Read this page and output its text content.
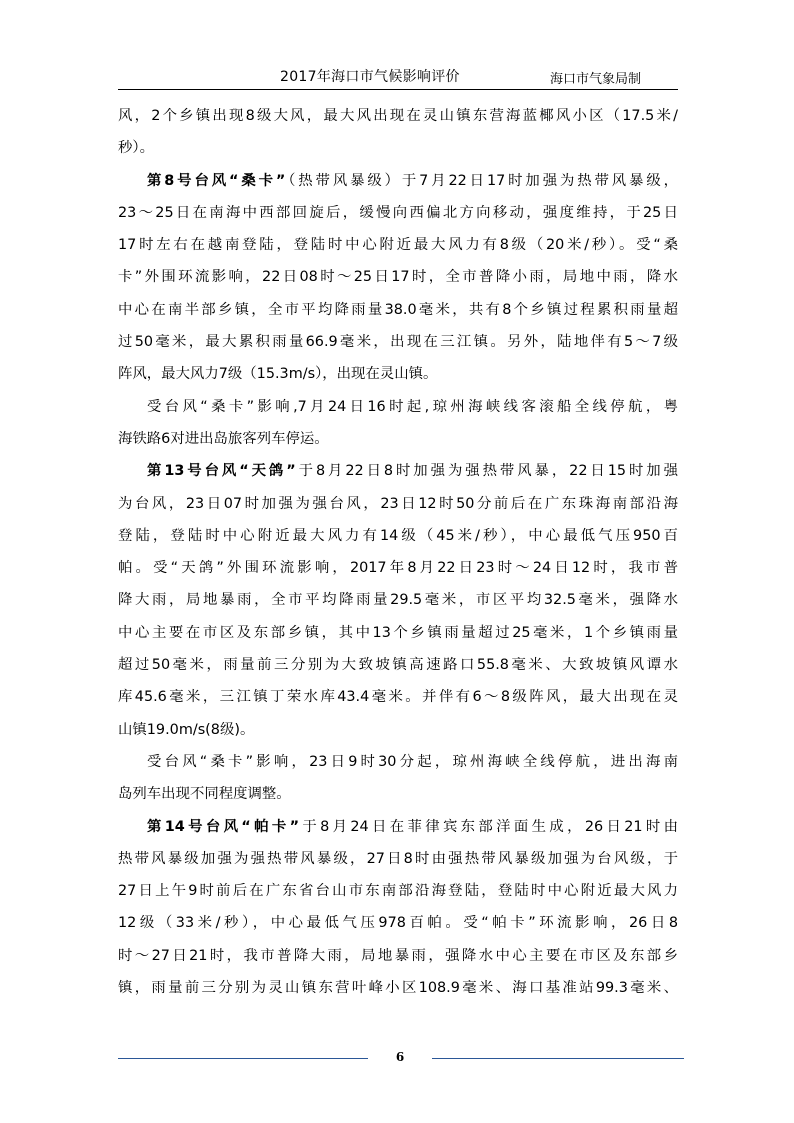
2017年海口市气候影响评价	海口市气象局制
风，2个乡镇出现8级大风，最大风出现在灵山镇东营海蓝椰风小区（17.5米/
秒）。
第8号台风“桑卡”（热带风暴级）于7月22日17时加强为热带风暴级，
23～25日在南海中西部回旋后，缓慢向西偏北方向移动，强度维持，于25日
17时左右在越南登陆，登陆时中心附近最大风力有8级（20米/秒）。受“桑
卡”外围环流影响，22日08时～25日17时，全市普降小雨，局地中雨，降水
中心在南半部乡镇，全市平均降雨量38.0毫米，共有8个乡镇过程累积雨量超
过50毫米，最大累积雨量66.9毫米，出现在三江镇。另外，陆地伴有5～7级
阵风，最大风力7级（15.3m/s），出现在灵山镇。
受台风“桑卡”影响,7月24日16时起,琼州海峡线客滚船全线停航，粤
海铁路6对进出岛旅客列车停运。
第13号台风“天鸽”于8月22日8时加强为强热带风暴，22日15时加强
为台风，23日07时加强为强台风，23日12时50分前后在广东珠海南部沿海
登陆，登陆时中心附近最大风力有14级（45米/秒），中心最低气压950百
帕。受“天鸽”外围环流影响，2017年8月22日23时～24日12时，我市普
降大雨，局地暴雨，全市平均降雨量29.5毫米，市区平均32.5毫米，强降水
中心主要在市区及东部乡镇，其中13个乡镇雨量超过25毫米，1个乡镇雨量
超过50毫米，雨量前三分别为大致坡镇高速路口55.8毫米、大致坡镇风谭水
库45.6毫米，三江镇丁荣水库43.4毫米。并伴有6～8级阵风，最大出现在灵
山镇19.0m/s(8级)。
受台风“桑卡”影响，23日9时30分起，琼州海峡全线停航，进出海南
岛列车出现不同程度调整。
第14号台风“帕卡”于8月24日在菲律宾东部洋面生成，26日21时由
热带风暴级加强为强热带风暴级，27日8时由强热带风暴级加强为台风级，于
27日上午9时前后在广东省台山市东南部沿海登陆，登陆时中心附近最大风力
12级（33米/秒），中心最低气压978百帕。受“帕卡”环流影响，26日8
时～27日21时，我市普降大雨，局地暴雨，强降水中心主要在市区及东部乡
镇，雨量前三分别为灵山镇东营叶峰小区108.9毫米、海口基准站99.3毫米、
6
